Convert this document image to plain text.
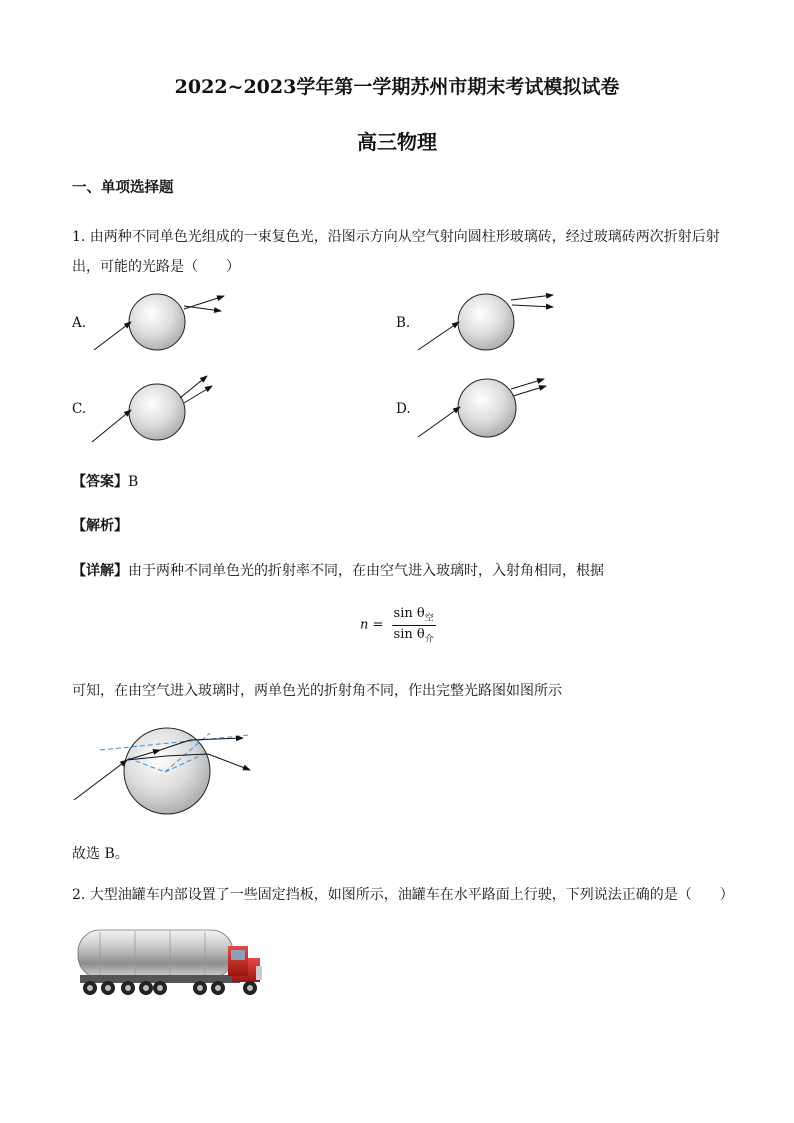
2022~2023学年第一学期苏州市期末考试模拟试卷
高三物理
一、单项选择题
1. 由两种不同单色光组成的一束复色光，沿图示方向从空气射向圆柱形玻璃砖，经过玻璃砖两次折射后射出，可能的光路是（　　）
A.	B.
C.	D.
【答案】B
【解析】
【详解】由于两种不同单色光的折射率不同，在由空气进入玻璃时，入射角相同，根据
$n = \frac{\sin \theta_空}{\sin \theta_介}$
可知，在由空气进入玻璃时，两单色光的折射角不同，作出完整光路图如图所示
故选 B。
2. 大型油罐车内部设置了一些固定挡板，如图所示，油罐车在水平路面上行驶，下列说法正确的是（　　）
